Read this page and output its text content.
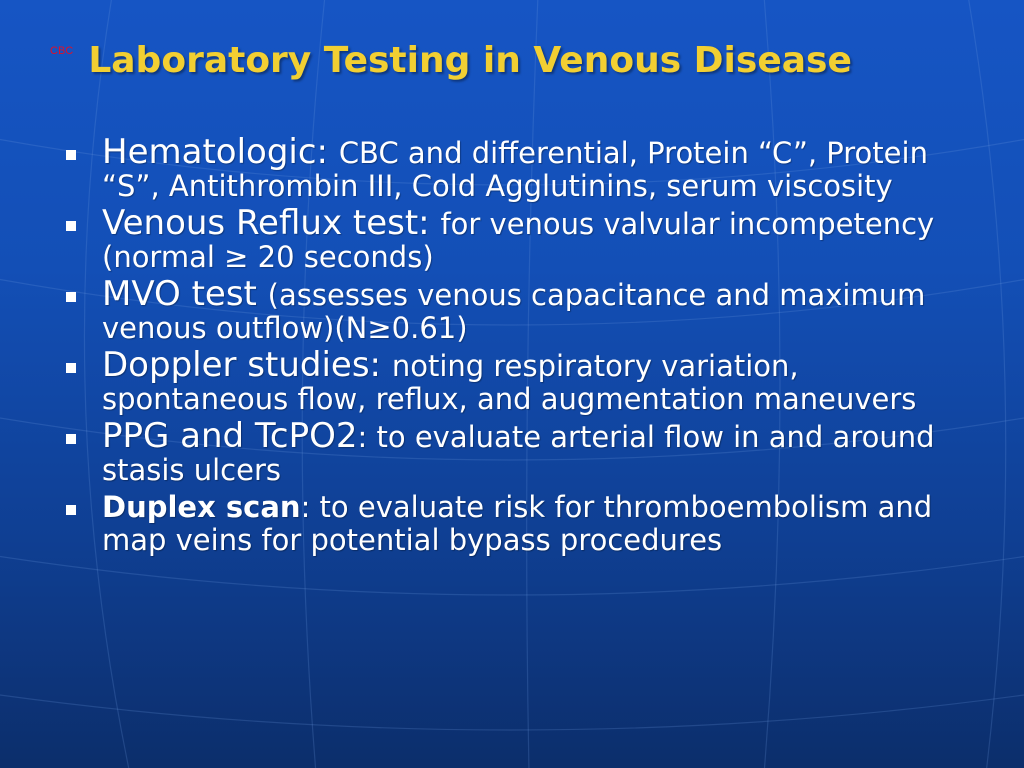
$^{CBC}$ Laboratory Testing in Venous Disease
Hematologic: CBC and differential, Protein “C”, Protein “S”, Antithrombin III, Cold Agglutinins, serum viscosity
Venous Reflux test: for venous valvular incompetency (normal ≥ 20 seconds)
MVO test (assesses venous capacitance and maximum venous outflow)(N≥0.61)
Doppler studies: noting respiratory variation, spontaneous flow, reflux, and augmentation maneuvers
PPG and TcPO2: to evaluate arterial flow in and around stasis ulcers
Duplex scan: to evaluate risk for thromboembolism and map veins for potential bypass procedures
